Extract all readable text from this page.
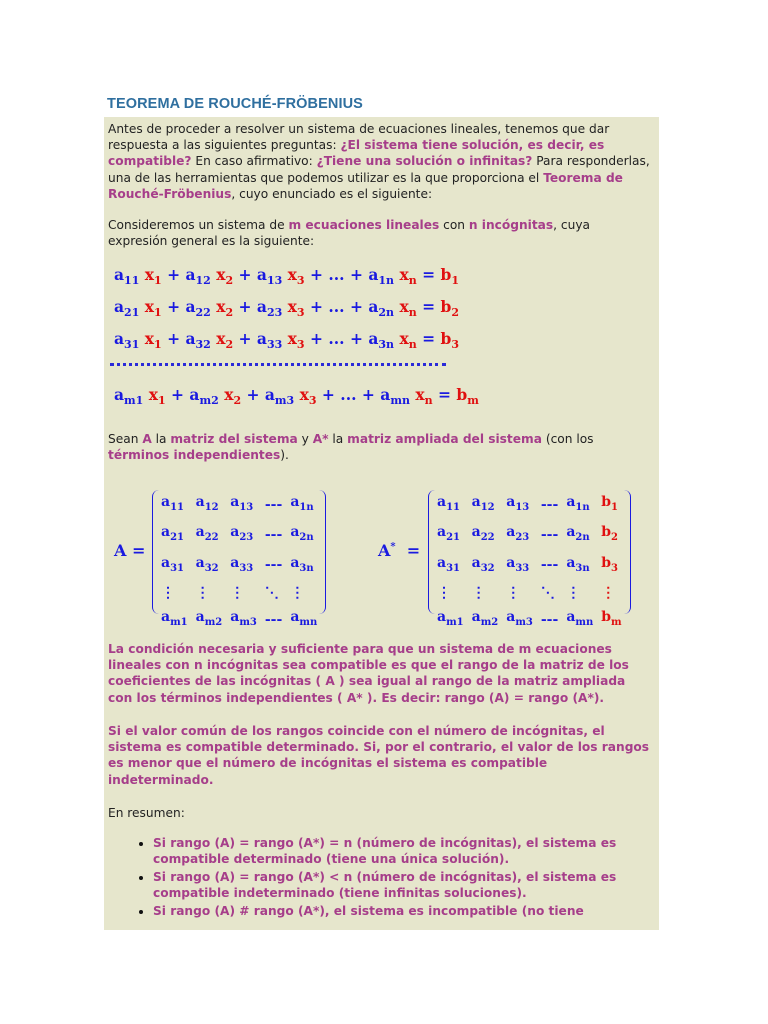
TEOREMA DE ROUCHÉ-FRÖBENIUS

Antes de proceder a resolver un sistema de ecuaciones lineales, tenemos que dar respuesta a las siguientes preguntas: ¿El sistema tiene solución, es decir, es compatible? En caso afirmativo: ¿Tiene una solución o infinitas? Para responderlas, una de las herramientas que podemos utilizar es la que proporciona el Teorema de Rouché-Fröbenius, cuyo enunciado es el siguiente:

Consideremos un sistema de m ecuaciones lineales con n incógnitas, cuya expresión general es la siguiente:

$a_{11}$ $x_1 + a_{12}$ $x_2 + a_{13}$ $x_3$ + ... + $a_{1n}$ $x_n = b_1$
$a_{21}$ $x_1 + a_{22}$ $x_2 + a_{23}$ $x_3$ + ... + $a_{2n}$ $x_n = b_2$
$a_{31}$ $x_1 + a_{32}$ $x_2 + a_{33}$ $x_3$ + ... + $a_{3n}$ $x_n = b_3$
$a_{m1}$ $x_1 + a_{m2}$ $x_2 + a_{m3}$ $x_3$ + ... + $a_{mn}$ $x_n = b_m$

Sean A la matriz del sistema y A* la matriz ampliada del sistema (con los términos independientes).

A =
$a_{11}$	$a_{12}$	$a_{13}$	---	$a_{1n}$
$a_{21}$	$a_{22}$	$a_{23}$	---	$a_{2n}$
$a_{31}$	$a_{32}$	$a_{33}$	---	$a_{3n}$
⋮	⋮	⋮	⋱	⋮
$a_{m1}$	$a_{m2}$	$a_{m3}$	---	$a_{mn}$
A* =
$a_{11}$	$a_{12}$	$a_{13}$	---	$a_{1n}$	$b_1$
$a_{21}$	$a_{22}$	$a_{23}$	---	$a_{2n}$	$b_2$
$a_{31}$	$a_{32}$	$a_{33}$	---	$a_{3n}$	$b_3$
⋮	⋮	⋮	⋱	⋮	⋮
$a_{m1}$	$a_{m2}$	$a_{m3}$	---	$a_{mn}$	$b_m$

La condición necesaria y suficiente para que un sistema de m ecuaciones lineales con n incógnitas sea compatible es que el rango de la matriz de los coeficientes de las incógnitas ( A ) sea igual al rango de la matriz ampliada con los términos independientes ( A* ). Es decir: rango (A) = rango (A*).

Si el valor común de los rangos coincide con el número de incógnitas, el sistema es compatible determinado. Si, por el contrario, el valor de los rangos es menor que el número de incógnitas el sistema es compatible indeterminado.

En resumen:

• Si rango (A) = rango (A*) = n (número de incógnitas), el sistema es compatible determinado (tiene una única solución).
• Si rango (A) = rango (A*) < n (número de incógnitas), el sistema es compatible indeterminado (tiene infinitas soluciones).
• Si rango (A) # rango (A*), el sistema es incompatible (no tiene
